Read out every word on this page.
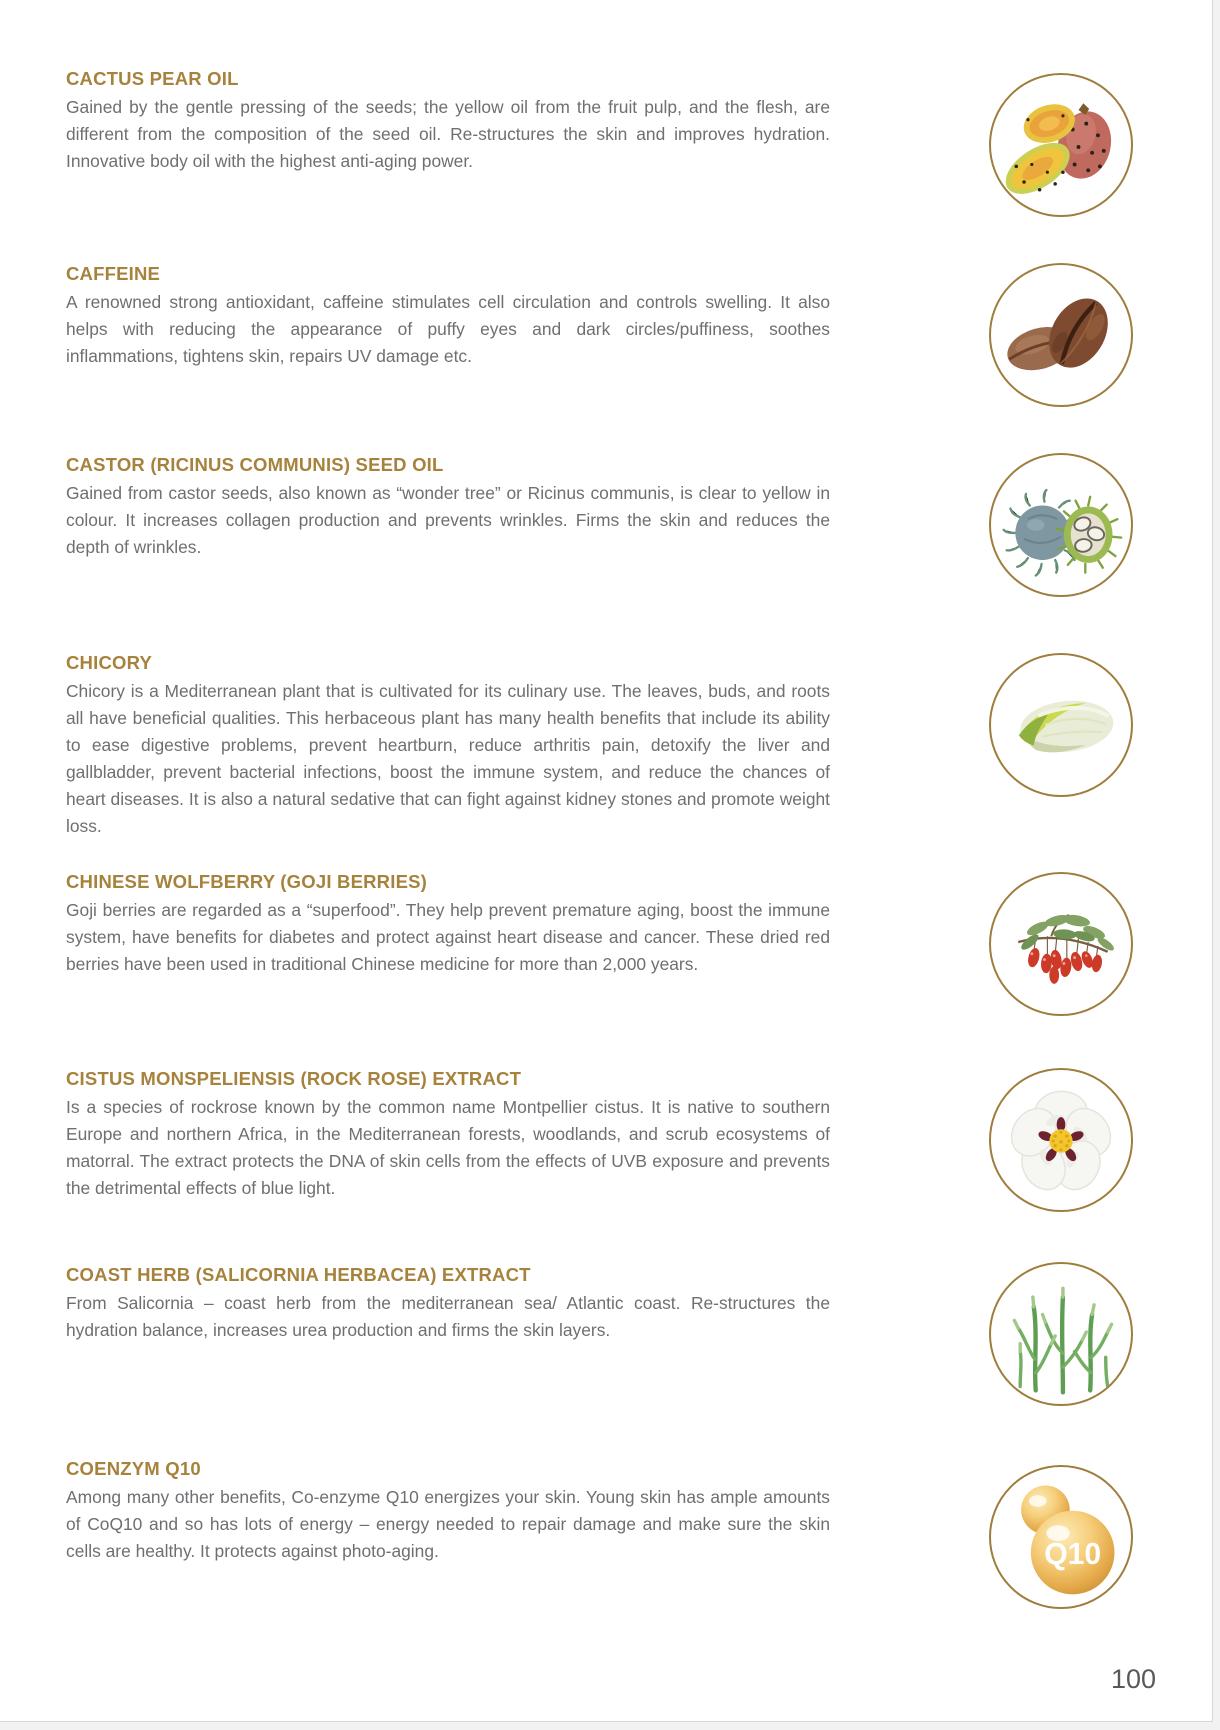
CACTUS PEAR OIL
Gained by the gentle pressing of the seeds; the yellow oil from the fruit pulp, and the flesh, are different from the composition of the seed oil. Re-structures the skin and improves hydration. Innovative body oil with the highest anti-aging power.
CAFFEINE
A renowned strong antioxidant, caffeine stimulates cell circulation and controls swelling. It also helps with reducing the appearance of puffy eyes and dark circles/puffiness, soothes inflammations, tightens skin, repairs UV damage etc.
CASTOR (RICINUS COMMUNIS) SEED OIL
Gained from castor seeds, also known as “wonder tree” or Ricinus communis, is clear to yellow in colour. It increases collagen production and prevents wrinkles. Firms the skin and reduces the depth of wrinkles.
CHICORY
Chicory is a Mediterranean plant that is cultivated for its culinary use. The leaves, buds, and roots all have beneficial qualities. This herbaceous plant has many health benefits that include its ability to ease digestive problems, prevent heartburn, reduce arthritis pain, detoxify the liver and gallbladder, prevent bacterial infections, boost the immune system, and reduce the chances of heart diseases. It is also a natural sedative that can fight against kidney stones and promote weight loss.
CHINESE WOLFBERRY (GOJI BERRIES)
Goji berries are regarded as a “superfood”. They help prevent premature aging, boost the immune system, have benefits for diabetes and protect against heart disease and cancer. These dried red berries have been used in traditional Chinese medicine for more than 2,000 years.
CISTUS MONSPELIENSIS (ROCK ROSE) EXTRACT
Is a species of rockrose known by the common name Montpellier cistus. It is native to southern Europe and northern Africa, in the Mediterranean forests, woodlands, and scrub ecosystems of matorral. The extract protects the DNA of skin cells from the effects of UVB exposure and prevents the detrimental effects of blue light.
COAST HERB (SALICORNIA HERBACEA) EXTRACT
From Salicornia – coast herb from the mediterranean sea/ Atlantic coast. Re-structures the hydration balance, increases urea production and firms the skin layers.
COENZYM Q10
Among many other benefits, Co-enzyme Q10 energizes your skin. Young skin has ample amounts of CoQ10 and so has lots of energy – energy needed to repair damage and make sure the skin cells are healthy. It protects against photo-aging.	Q10
100
